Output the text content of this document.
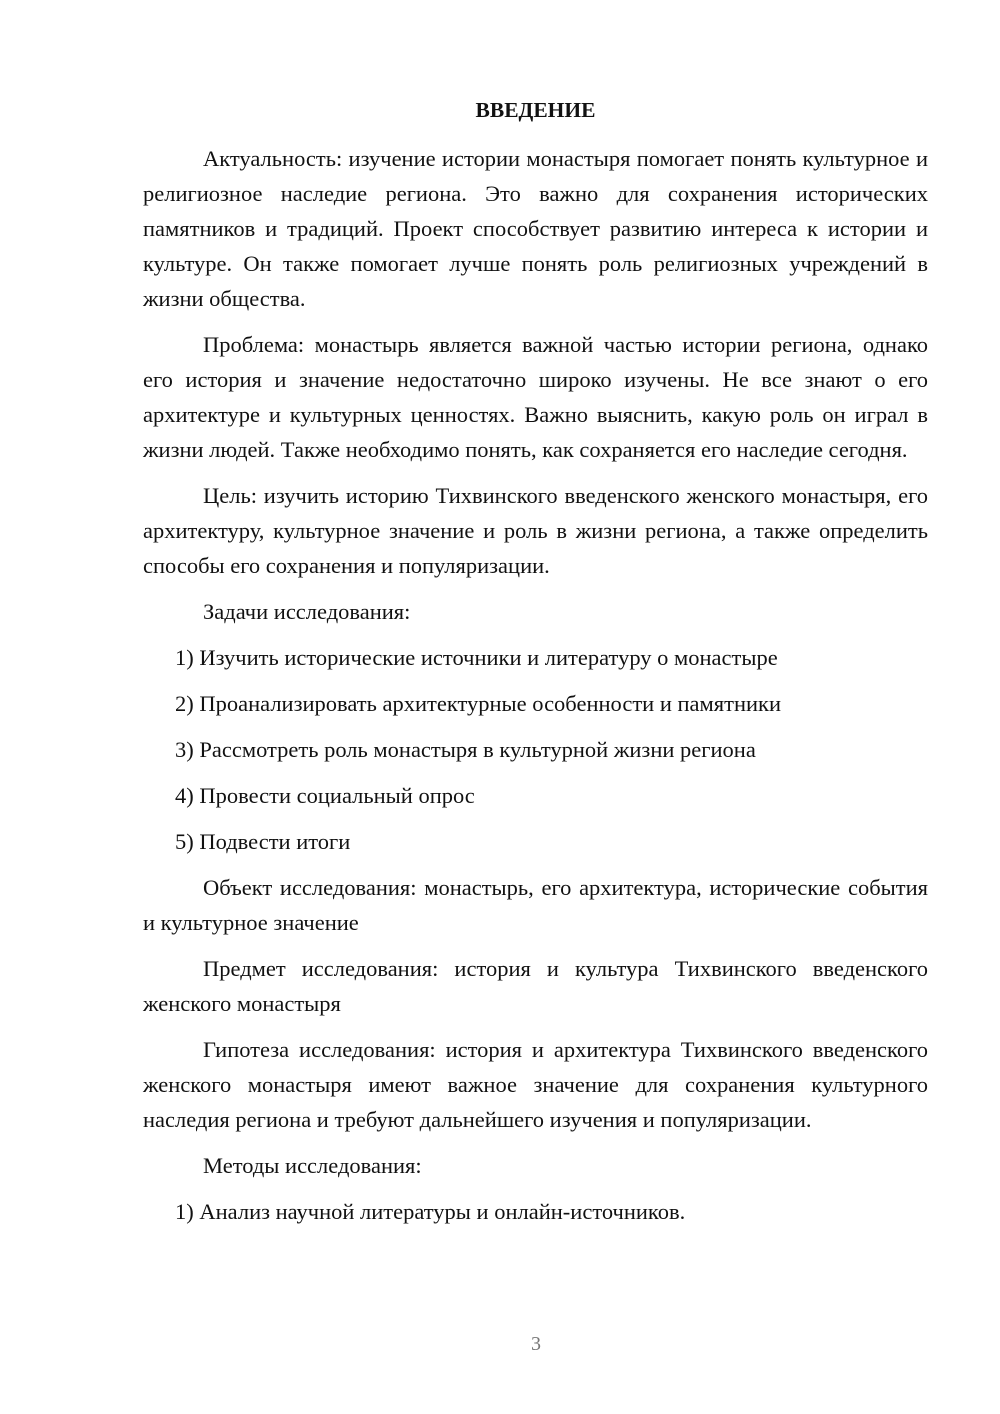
ВВЕДЕНИЕ

Актуальность: изучение истории монастыря помогает понять культурное и религиозное наследие региона. Это важно для сохранения исторических памятников и традиций. Проект способствует развитию интереса к истории и культуре. Он также помогает лучше понять роль религиозных учреждений в жизни общества.

Проблема: монастырь является важной частью истории региона, однако его история и значение недостаточно широко изучены. Не все знают о его архитектуре и культурных ценностях. Важно выяснить, какую роль он играл в жизни людей. Также необходимо понять, как сохраняется его наследие сегодня.

Цель: изучить историю Тихвинского введенского женского монастыря, его архитектуру, культурное значение и роль в жизни региона, а также определить способы его сохранения и популяризации.

Задачи исследования:

1) Изучить исторические источники и литературу о монастыре
2) Проанализировать архитектурные особенности и памятники
3) Рассмотреть роль монастыря в культурной жизни региона
4) Провести социальный опрос
5) Подвести итоги

Объект исследования: монастырь, его архитектура, исторические события и культурное значение

Предмет исследования: история и культура Тихвинского введенского женского монастыря

Гипотеза исследования: история и архитектура Тихвинского введенского женского монастыря имеют важное значение для сохранения культурного наследия региона и требуют дальнейшего изучения и популяризации.

Методы исследования:

1) Анализ научной литературы и онлайн-источников.
3
